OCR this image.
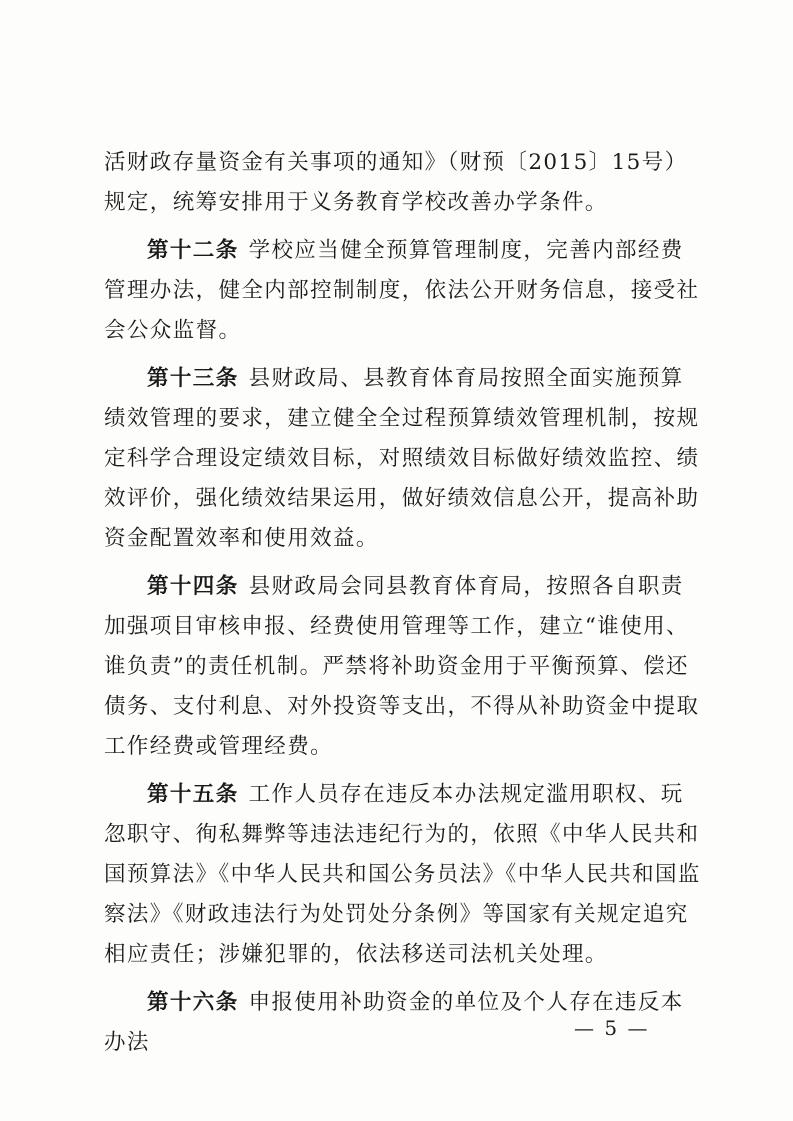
活财政存量资金有关事项的通知》（财预〔2015〕15号）规定，统筹安排用于义务教育学校改善办学条件。

第十二条 学校应当健全预算管理制度，完善内部经费管理办法，健全内部控制制度，依法公开财务信息，接受社会公众监督。

第十三条 县财政局、县教育体育局按照全面实施预算绩效管理的要求，建立健全全过程预算绩效管理机制，按规定科学合理设定绩效目标，对照绩效目标做好绩效监控、绩效评价，强化绩效结果运用，做好绩效信息公开，提高补助资金配置效率和使用效益。

第十四条 县财政局会同县教育体育局，按照各自职责加强项目审核申报、经费使用管理等工作，建立“谁使用、谁负责”的责任机制。严禁将补助资金用于平衡预算、偿还债务、支付利息、对外投资等支出，不得从补助资金中提取工作经费或管理经费。

第十五条 工作人员存在违反本办法规定滥用职权、玩忽职守、徇私舞弊等违法违纪行为的，依照《中华人民共和国预算法》《中华人民共和国公务员法》《中华人民共和国监察法》《财政违法行为处罚处分条例》等国家有关规定追究相应责任；涉嫌犯罪的，依法移送司法机关处理。

第十六条 申报使用补助资金的单位及个人存在违反本办法

— 5 —
